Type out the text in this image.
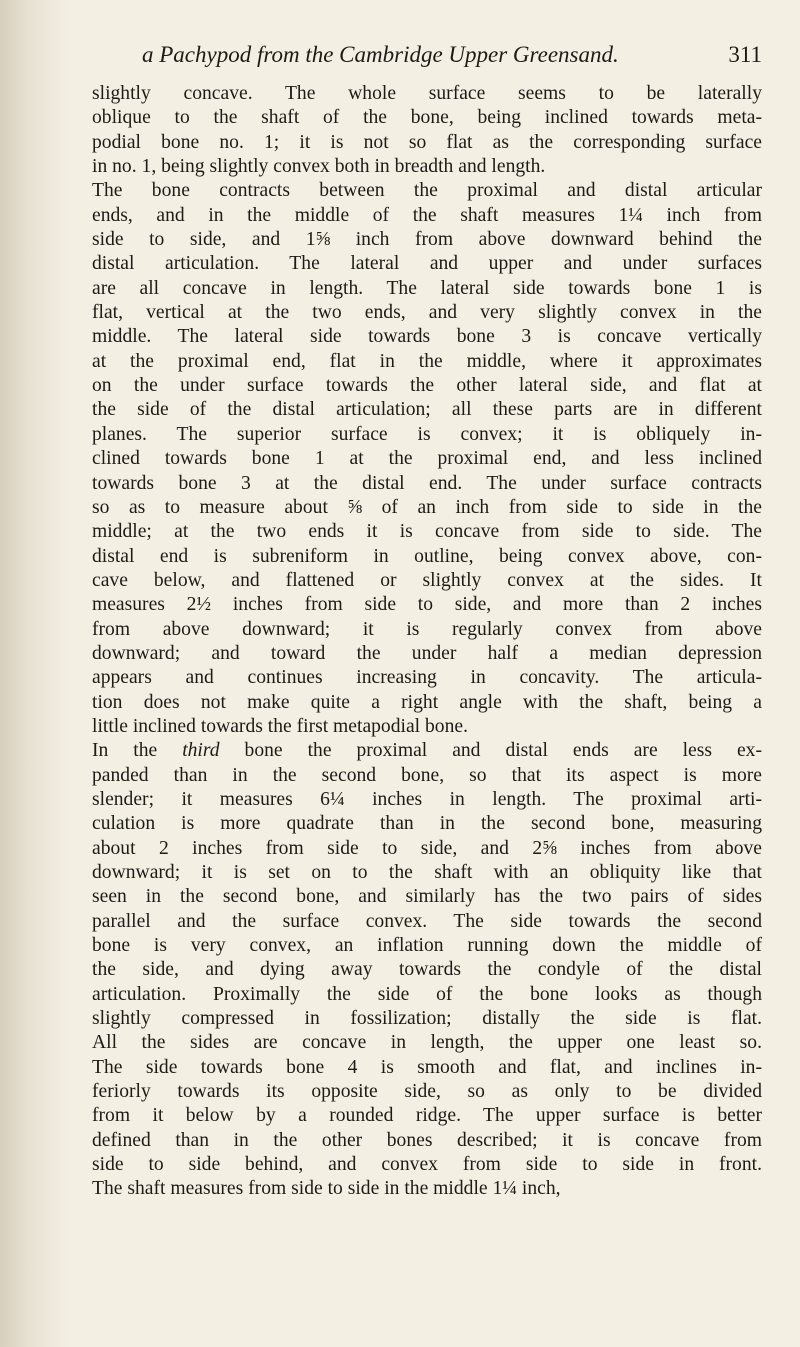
a Pachypod from the Cambridge Upper Greensand.	311

slightly concave. The whole surface seems to be laterally
oblique to the shaft of the bone, being inclined towards meta-
podial bone no. 1; it is not so flat as the corresponding surface
in no. 1, being slightly convex both in breadth and length.

The bone contracts between the proximal and distal articular
ends, and in the middle of the shaft measures 1¼ inch from
side to side, and 1⅝ inch from above downward behind the
distal articulation. The lateral and upper and under surfaces
are all concave in length. The lateral side towards bone 1 is
flat, vertical at the two ends, and very slightly convex in the
middle. The lateral side towards bone 3 is concave vertically
at the proximal end, flat in the middle, where it approximates
on the under surface towards the other lateral side, and flat at
the side of the distal articulation; all these parts are in different
planes. The superior surface is convex; it is obliquely in-
clined towards bone 1 at the proximal end, and less inclined
towards bone 3 at the distal end. The under surface contracts
so as to measure about ⅝ of an inch from side to side in the
middle; at the two ends it is concave from side to side. The
distal end is subreniform in outline, being convex above, con-
cave below, and flattened or slightly convex at the sides. It
measures 2½ inches from side to side, and more than 2 inches
from above downward; it is regularly convex from above
downward; and toward the under half a median depression
appears and continues increasing in concavity. The articula-
tion does not make quite a right angle with the shaft, being a
little inclined towards the first metapodial bone.

In the third bone the proximal and distal ends are less ex-
panded than in the second bone, so that its aspect is more
slender; it measures 6¼ inches in length. The proximal arti-
culation is more quadrate than in the second bone, measuring
about 2 inches from side to side, and 2⅝ inches from above
downward; it is set on to the shaft with an obliquity like that
seen in the second bone, and similarly has the two pairs of sides
parallel and the surface convex. The side towards the second
bone is very convex, an inflation running down the middle of
the side, and dying away towards the condyle of the distal
articulation. Proximally the side of the bone looks as though
slightly compressed in fossilization; distally the side is flat.
All the sides are concave in length, the upper one least so.
The side towards bone 4 is smooth and flat, and inclines in-
feriorly towards its opposite side, so as only to be divided
from it below by a rounded ridge. The upper surface is better
defined than in the other bones described; it is concave from
side to side behind, and convex from side to side in front.
The shaft measures from side to side in the middle 1¼ inch,
